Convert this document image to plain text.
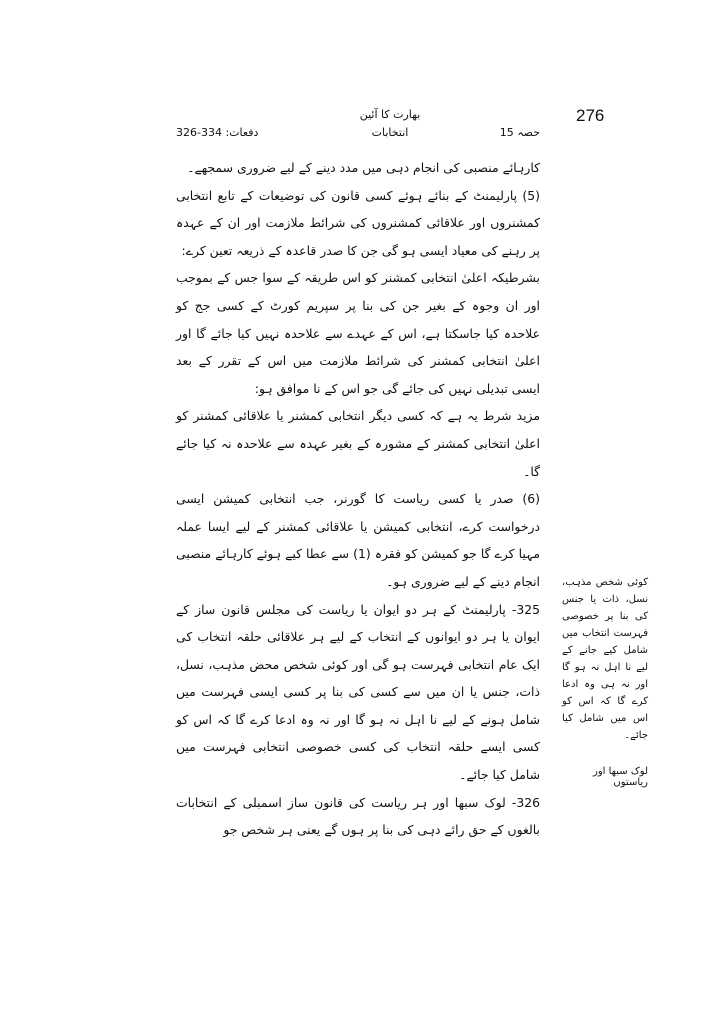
276
بھارت کا آئین
انتخابات	حصہ 15
دفعات: 334-326

کارہائے منصبی کی انجام دہی میں مدد دینے کے لیے ضروری سمجھے۔

(5) پارلیمنٹ کے بنائے ہوئے کسی قانون کی توضیعات کے تابع انتخابی کمشنروں اور علاقائی کمشنروں کی شرائط ملازمت اور ان کے عہدہ پر رہنے کی معیاد ایسی ہو گی جن کا صدر قاعدہ کے ذریعہ تعین کرے:

بشرطیکہ اعلیٰ انتخابی کمشنر کو اس طریقہ کے سوا جس کے بموجب اور ان وجوہ کے بغیر جن کی بنا پر سپریم کورٹ کے کسی جج کو علاحدہ کیا جاسکتا ہے، اس کے عہدے سے علاحدہ نہیں کیا جائے گا اور اعلیٰ انتخابی کمشنر کی شرائط ملازمت میں اس کے تقرر کے بعد ایسی تبدیلی نہیں کی جائے گی جو اس کے نا موافق ہو:

مزید شرط یہ ہے کہ کسی دیگر انتخابی کمشنر یا علاقائی کمشنر کو اعلیٰ انتخابی کمشنر کے مشورہ کے بغیر عہدہ سے علاحدہ نہ کیا جائے گا۔

(6) صدر یا کسی ریاست کا گورنر، جب انتخابی کمیشن ایسی درخواست کرے، انتخابی کمیشن یا علاقائی کمشنر کے لیے ایسا عملہ مہیا کرے گا جو کمیشن کو فقرہ (1) سے عطا کیے ہوئے کارہائے منصبی انجام دینے کے لیے ضروری ہو۔

325- پارلیمنٹ کے ہر دو ایوان یا ریاست کی مجلس قانون ساز کے ایوان یا ہر دو ایوانوں کے انتخاب کے لیے ہر علاقائی حلقہ انتخاب کی ایک عام انتخابی فہرست ہو گی اور کوئی شخص محض مذہب، نسل، ذات، جنس یا ان میں سے کسی کی بنا پر کسی ایسی فہرست میں شامل ہونے کے لیے نا اہل نہ ہو گا اور نہ وہ ادعا کرے گا کہ اس کو کسی ایسے حلقہ انتخاب کی کسی خصوصی انتخابی فہرست میں شامل کیا جائے۔

326- لوک سبھا اور ہر ریاست کی قانون ساز اسمبلی کے انتخابات بالغوں کے حق رائے دہی کی بنا پر ہوں گے یعنی ہر شخص جو

کوئی شخص مذہب، نسل، ذات یا جنس کی بنا پر خصوصی فہرست انتخاب میں شامل کیے جانے کے لیے نا اہل نہ ہو گا اور نہ ہی وہ ادعا کرے گا کہ اس کو اس میں شامل کیا جائے۔

لوک سبھا اور ریاستوں
